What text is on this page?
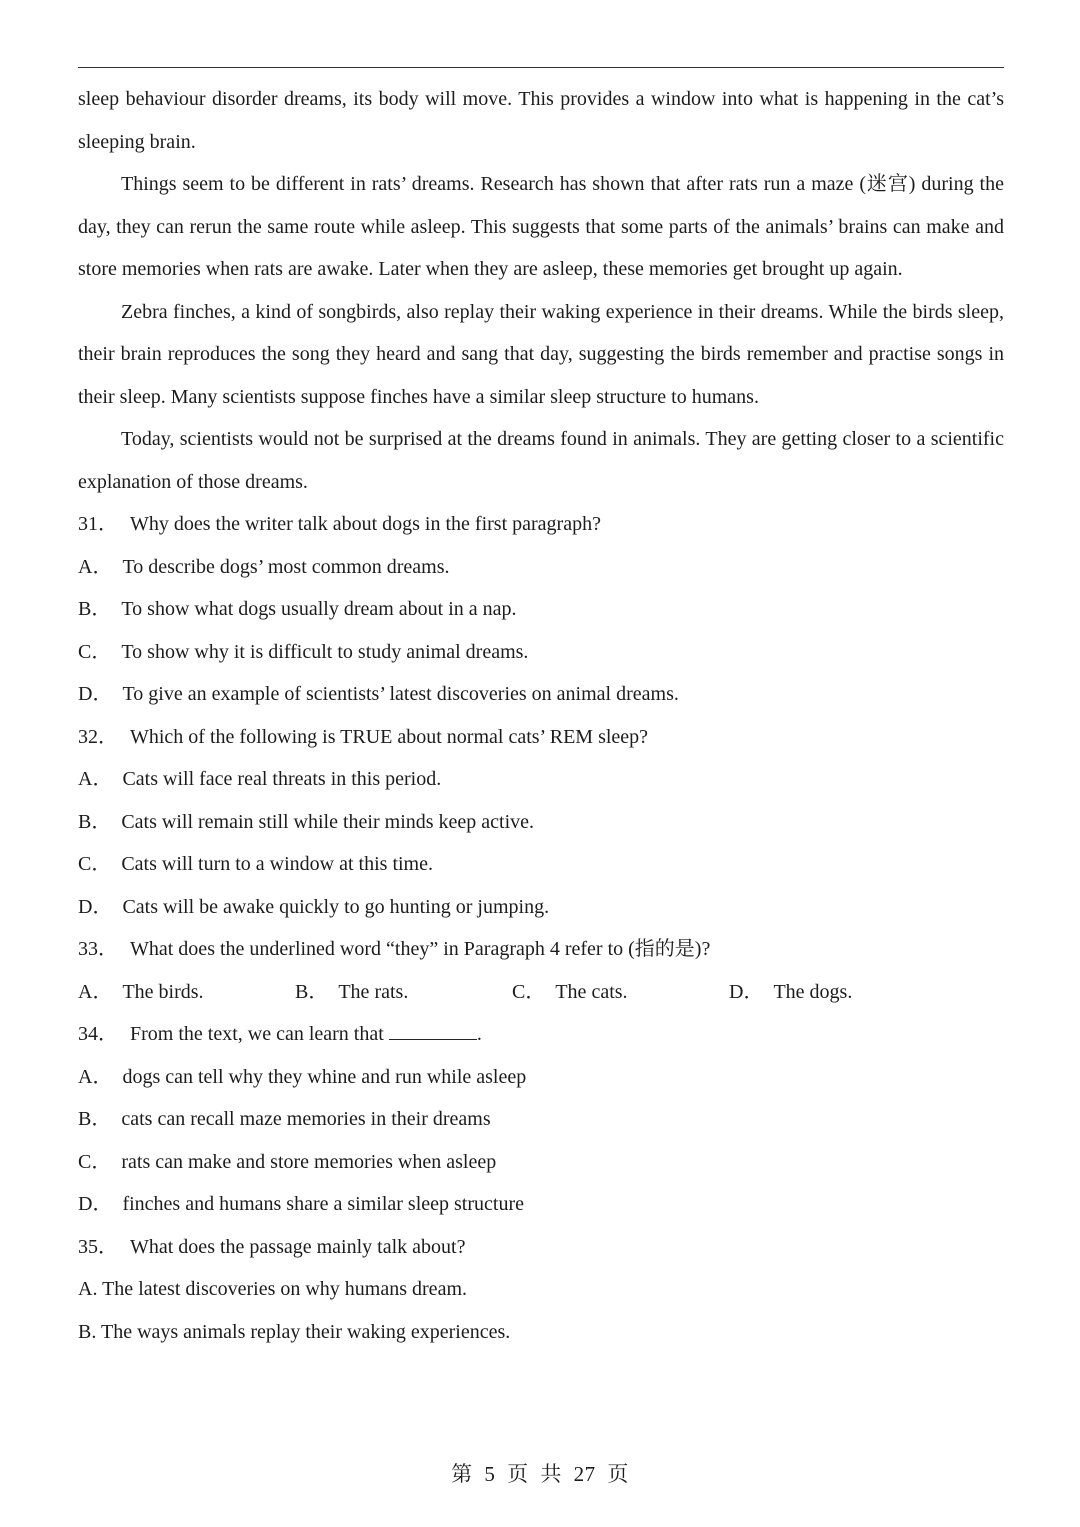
sleep behaviour disorder dreams, its body will move. This provides a window into what is happening in the cat’s sleeping brain.

Things seem to be different in rats’ dreams. Research has shown that after rats run a maze (迷宫) during the day, they can rerun the same route while asleep. This suggests that some parts of the animals’ brains can make and store memories when rats are awake. Later when they are asleep, these memories get brought up again.

Zebra finches, a kind of songbirds, also replay their waking experience in their dreams. While the birds sleep, their brain reproduces the song they heard and sang that day, suggesting the birds remember and practise songs in their sleep. Many scientists suppose finches have a similar sleep structure to humans.

Today, scientists would not be surprised at the dreams found in animals. They are getting closer to a scientific explanation of those dreams.

31． Why does the writer talk about dogs in the first paragraph?

A． To describe dogs’ most common dreams.

B． To show what dogs usually dream about in a nap.

C． To show why it is difficult to study animal dreams.

D． To give an example of scientists’ latest discoveries on animal dreams.

32． Which of the following is TRUE about normal cats’ REM sleep?

A． Cats will face real threats in this period.

B． Cats will remain still while their minds keep active.

C． Cats will turn to a window at this time.

D． Cats will be awake quickly to go hunting or jumping.

33． What does the underlined word “they” in Paragraph 4 refer to (指的是)?

A． The birds.	B． The rats.	C． The cats.	D． The dogs.

34． From the text, we can learn that	.

A． dogs can tell why they whine and run while asleep

B． cats can recall maze memories in their dreams

C． rats can make and store memories when asleep

D． finches and humans share a similar sleep structure

35． What does the passage mainly talk about?

A. The latest discoveries on why humans dream.

B. The ways animals replay their waking experiences.

第 5 页 共 27 页
